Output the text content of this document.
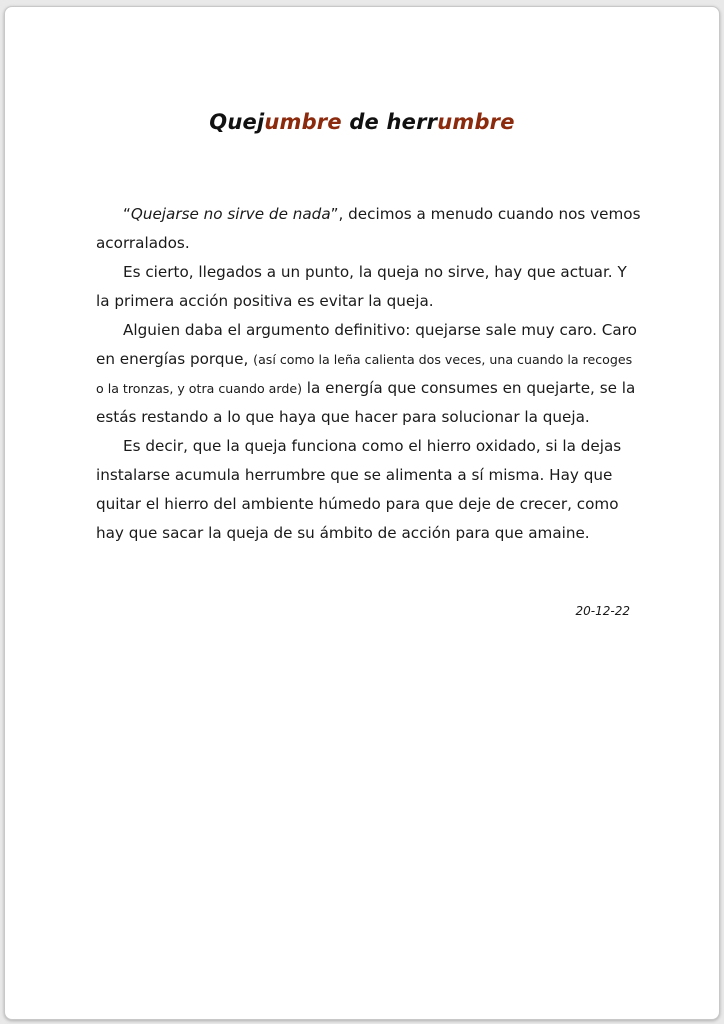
Quejumbre de herrumbre

“Quejarse no sirve de nada”, decimos a menudo cuando nos vemos acorralados.

Es cierto, llegados a un punto, la queja no sirve, hay que actuar. Y la primera acción positiva es evitar la queja.

Alguien daba el argumento definitivo: quejarse sale muy caro. Caro en energías porque, (así como la leña calienta dos veces, una cuando la recoges o la tronzas, y otra cuando arde) la energía que consumes en quejarte, se la estás restando a lo que haya que hacer para solucionar la queja.

Es decir, que la queja funciona como el hierro oxidado, si la dejas instalarse acumula herrumbre que se alimenta a sí misma. Hay que quitar el hierro del ambiente húmedo para que deje de crecer, como hay que sacar la queja de su ámbito de acción para que amaine.

20-12-22
